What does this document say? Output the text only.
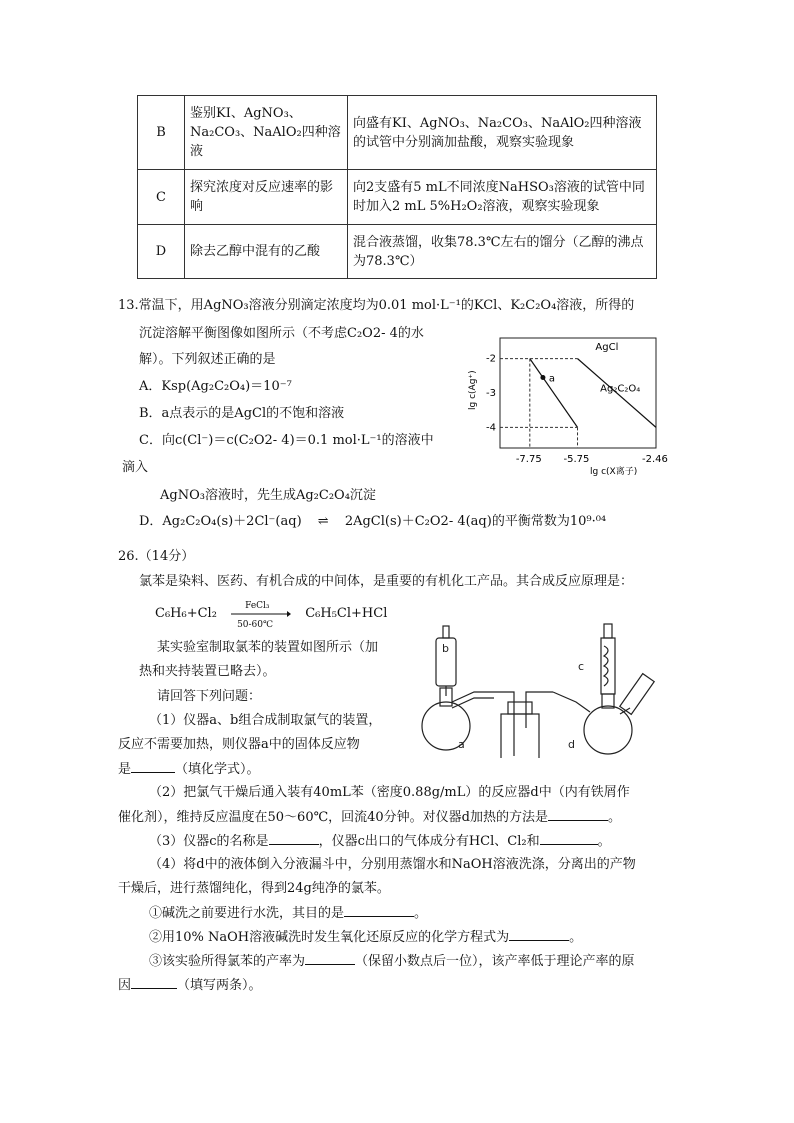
B	鉴别KI、AgNO₃、Na₂CO₃、NaAlO₂四种溶液	向盛有KI、AgNO₃、Na₂CO₃、NaAlO₂四种溶液的试管中分别滴加盐酸，观察实验现象
C	探究浓度对反应速率的影响	向2支盛有5 mL不同浓度NaHSO₃溶液的试管中同时加入2 mL 5%H₂O₂溶液，观察实验现象
D	除去乙醇中混有的乙酸	混合液蒸馏，收集78.3℃左右的馏分（乙醇的沸点为78.3℃）
13.常温下，用AgNO₃溶液分别滴定浓度均为0.01 mol·L⁻¹的KCl、K₂C₂O₄溶液，所得的
沉淀溶解平衡图像如图所示（不考虑C₂O2- 4的水
解）。下列叙述正确的是
A．Ksp(Ag₂C₂O₄)＝10⁻⁷
B．a点表示的是AgCl的不饱和溶液
C．向c(Cl⁻)＝c(C₂O2- 4)＝0.1 mol·L⁻¹的溶液中
滴入
AgNO₃溶液时，先生成Ag₂C₂O₄沉淀
D．Ag₂C₂O₄(s)＋2Cl⁻(aq) ⇌ 2AgCl(s)＋C₂O2- 4(aq)的平衡常数为10⁹·⁰⁴
-4
-3
-2
-7.75 -5.75	-2.46
a
AgCl
Ag₂C₂O₄
lg c(Ag⁺)
lg c(X离子)
26.（14分）
氯苯是染料、医药、有机合成的中间体，是重要的有机化工产品。其合成反应原理是：
C₆H₆+Cl₂	FeCl₃
50-60℃
C₆H₅Cl+HCl
某实验室制取氯苯的装置如图所示（加
热和夹持装置已略去）。
请回答下列问题：
（1）仪器a、b组合成制取氯气的装置，
反应不需要加热，则仪器a中的固体反应物
是	（填化学式）。
a
b
c
d
（2）把氯气干燥后通入装有40mL苯（密度0.88g/mL）的反应器d中（内有铁屑作
催化剂），维持反应温度在50～60℃，回流40分钟。对仪器d加热的方法是	。
（3）仪器c的名称是	，仪器c出口的气体成分有HCl、Cl₂和	。
（4）将d中的液体倒入分液漏斗中，分别用蒸馏水和NaOH溶液洗涤，分离出的产物
干燥后，进行蒸馏纯化，得到24g纯净的氯苯。
①碱洗之前要进行水洗，其目的是	。
②用10% NaOH溶液碱洗时发生氧化还原反应的化学方程式为	。
③该实验所得氯苯的产率为	（保留小数点后一位），该产率低于理论产率的原
因	（填写两条）。
